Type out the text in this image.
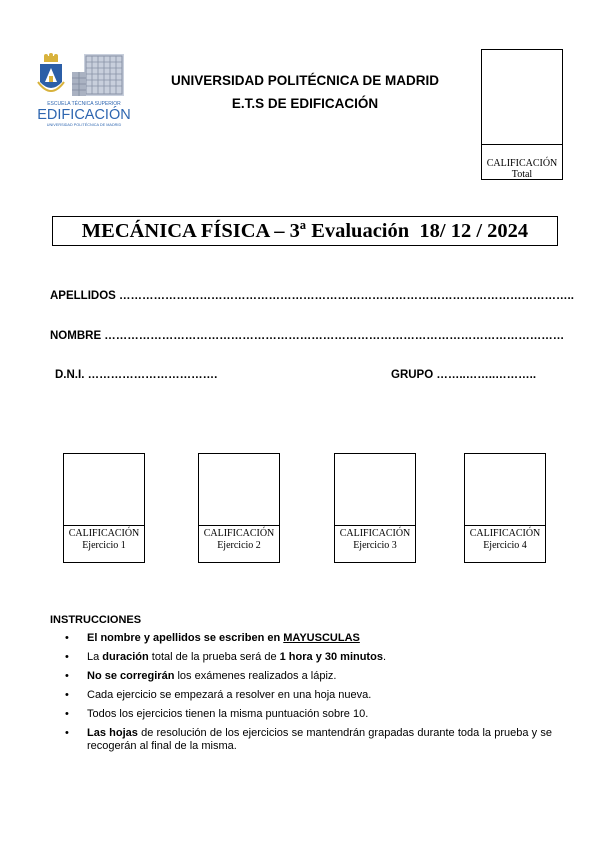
ESCUELA TÉCNICA SUPERIOR
EDIFICACIÓN
UNIVERSIDAD POLITÉCNICA DE MADRID
UNIVERSIDAD POLITÉCNICA DE MADRID
E.T.S DE EDIFICACIÓN
CALIFICACIÓN
Total
MECÁNICA FÍSICA – 3ª Evaluación  18/ 12 / 2024
APELLIDOS ………………………………………………………………………………………………………..
NOMBRE …………………………………………………………………………………………………………
D.N.I. …………………………….	GRUPO ……..……..………..
CALIFICACIÓN
Ejercicio 1
CALIFICACIÓN
Ejercicio 2
CALIFICACIÓN
Ejercicio 3
CALIFICACIÓN
Ejercicio 4
INSTRUCCIONES
• El nombre y apellidos se escriben en MAYUSCULAS
• La duración total de la prueba será de 1 hora y 30 minutos.
• No se corregirán los exámenes realizados a lápiz.
• Cada ejercicio se empezará a resolver en una hoja nueva.
• Todos los ejercicios tienen la misma puntuación sobre 10.
• Las hojas de resolución de los ejercicios se mantendrán grapadas durante toda la prueba y se recogerán al final de la misma.
